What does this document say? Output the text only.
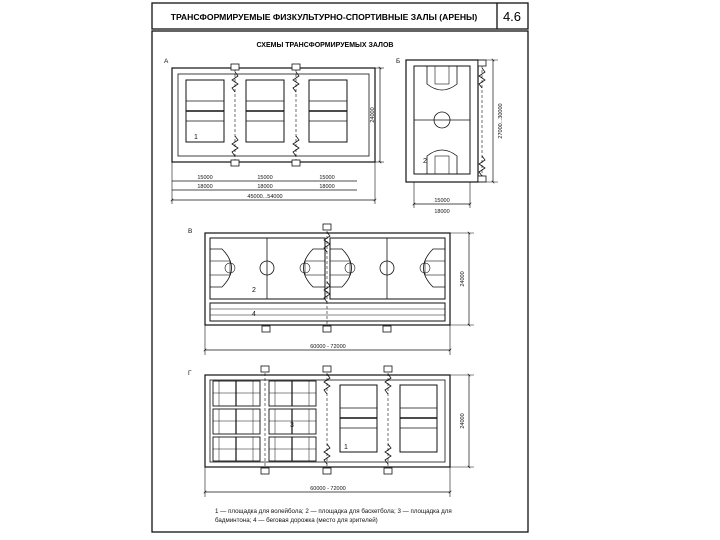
ТРАНСФОРМИРУЕМЫЕ ФИЗКУЛЬТУРНО-СПОРТИВНЫЕ ЗАЛЫ (АРЕНЫ) 4.6
СХЕМЫ ТРАНСФОРМИРУЕМЫХ ЗАЛОВ
А
1
24000
15000	15000	15000
18000	18000	18000
45000...54000
Б
2
27000...30000
15000
18000
В
2
4
24000
60000 - 72000
Г
3
1
24000
60000 - 72000
1 — площадка для волейбола; 2 — площадка для баскетбола; 3 — площадка для
бадминтона; 4 — беговая дорожка (место для зрителей)
